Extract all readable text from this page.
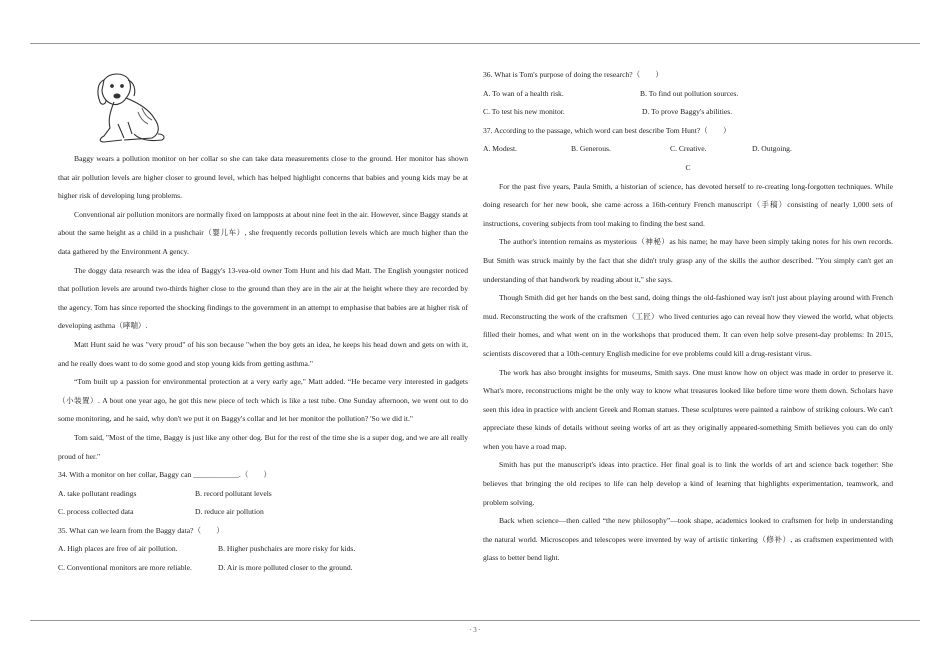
Baggy wears a pollution monitor on her collar so she can take data measurements close to the ground. Her monitor has shown that air pollution levels are higher closer to ground level, which has helped highlight concerns that babies and young kids may be at higher risk of developing lung problems.

Conventional air pollution monitors are normally fixed on lampposts at about nine feet in the air. However, since Baggy stands at about the same height as a child in a pushchair（婴儿车）, she frequently records pollution levels which are much higher than the data gathered by the Environment A gency.

The doggy data research was the idea of Baggy's 13-vea-old owner Tom Hunt and his dad Matt. The English youngster noticed that pollution levels are around two-thirds higher close to the ground than they are in the air at the height where they are recorded by the agency. Tom has since reported the shocking findings to the government in an attempt to emphasise that babies are at higher risk of developing asthma（哮喘）.

Matt Hunt said he was "very proud" of his son because "when the boy gets an idea, he keeps his head down and gets on with it, and he really does want to do some good and stop young kids from getting asthma."

“Tom built up a passion for environmental protection at a very early age," Matt added. “He became very interested in gadgets（小装置）. A bout one year ago, he got this new piece of tech which is like a test tube. One Sunday afternoon, we went out to do some monitoring, and he said, why don't we put it on Baggy's collar and let her monitor the pollution? 'So we did it."

Tom said, "Most of the time, Baggy is just like any other dog. But for the rest of the time she is a super dog, and we are all really proud of her."

34. With a monitor on her collar, Baggy can ____________.（　　）

A. take pollutant readings	B. record pollutant levels
C. process collected data	D. reduce air pollution

35. What can we learn from the Baggy data?（　　）

A. High places are free of air pollution.	B. Higher pushchairs are more risky for kids.
C. Conventional monitors are more reliable.	D. Air is more polluted closer to the ground.

36. What is Tom's purpose of doing the research?（　　）

A. To wan of a health risk.	B. To find out pollution sources.
C. To test his new monitor.	D. To prove Baggy's abilities.

37. According to the passage, which word can best describe Tom Hunt?（　　）

A. Modest.	B. Generous.	C. Creative.	D. Outgoing.

C

For the past five years, Paula Smith, a historian of science, has devoted herself to re-creating long-forgotten techniques. While doing research for her new book, she came across a 16th-century French manuscript（手稿）consisting of nearly 1,000 sets of instructions, covering subjects from tool making to finding the best sand.

The author's intention remains as mysterious（神秘）as his name; he may have been simply taking notes for his own records. But Smith was struck mainly by the fact that she didn't truly grasp any of the skills the author described. "You simply can't get an understanding of that handwork by reading about it," she says.

Though Smith did get her hands on the best sand, doing things the old-fashioned way isn't just about playing around with French mud. Reconstructing the work of the craftsmen（工匠）who lived centuries ago can reveal how they viewed the world, what objects filled their homes, and what went on in the workshops that produced them. It can even help solve present-day problems: In 2015, scientists discovered that a 10th-century English medicine for eve problems could kill a drug-resistant virus.

The work has also brought insights for museums, Smith says. One must know how on object was made in order to preserve it. What's more, reconstructions might be the only way to know what treasures looked like before time wore them down. Scholars have seen this idea in practice with ancient Greek and Roman statues. These sculptures were painted a rainbow of striking colours. We can't appreciate these kinds of details without seeing works of art as they originally appeared-something Smith believes you can do only when you have a road map.

Smith has put the manuscript's ideas into practice. Her final goal is to link the worlds of art and science back together: She believes that bringing the old recipes to life can help develop a kind of learning that highlights experimentation, teamwork, and problem solving.

Back when science—then called “the new philosophy”—took shape, academics looked to craftsmen for help in understanding the natural world. Microscopes and telescopes were invented by way of artistic tinkering（修补）, as craftsmen experimented with glass to better bend light.

· 3 ·
